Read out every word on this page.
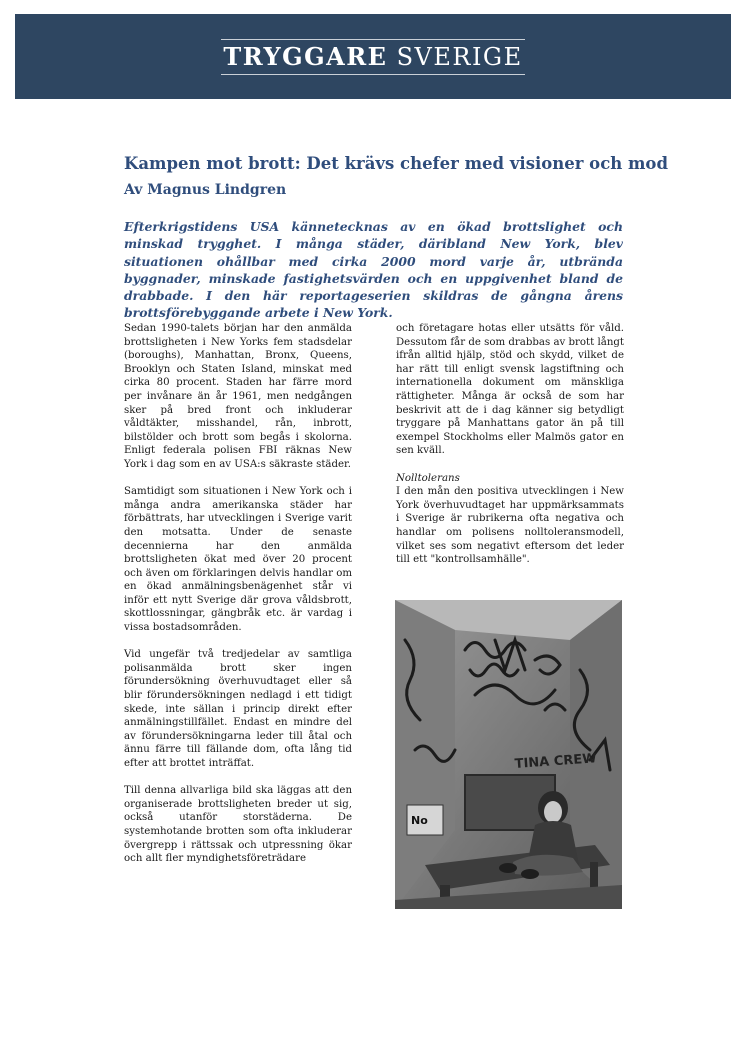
TRYGGARE SVERIGE
Kampen mot brott: Det krävs chefer med visioner och mod
Av Magnus Lindgren

Efterkrigstidens USA kännetecknas av en ökad brottslighet och minskad trygghet. I många städer, däribland New York, blev situationen ohållbar med cirka 2000 mord varje år, utbrända byggnader, minskade fastighetsvärden och en uppgivenhet bland de drabbade. I den här reportageserien skildras de gångna årens brottsförebyggande arbete i New York.

Sedan 1990-talets början har den anmälda brottsligheten i New Yorks fem stadsdelar (boroughs), Manhattan, Bronx, Queens, Brooklyn och Staten Island, minskat med cirka 80 procent. Staden har färre mord per invånare än år 1961, men nedgången sker på bred front och inkluderar våldtäkter, misshandel, rån, inbrott, bilstölder och brott som begås i skolorna. Enligt federala polisen FBI räknas New York i dag som en av USA:s säkraste städer.

Samtidigt som situationen i New York och i många andra amerikanska städer har förbättrats, har utvecklingen i Sverige varit den motsatta. Under de senaste decennierna har den anmälda brottsligheten ökat med över 20 procent och även om förklaringen delvis handlar om en ökad anmälningsbenägenhet står vi inför ett nytt Sverige där grova våldsbrott, skottlossningar, gängbråk etc. är vardag i vissa bostadsområden.

Vid ungefär två tredjedelar av samtliga polisanmälda brott sker ingen förundersökning överhuvudtaget eller så blir förundersökningen nedlagd i ett tidigt skede, inte sällan i princip direkt efter anmälningstillfället. Endast en mindre del av förundersökningarna leder till åtal och ännu färre till fällande dom, ofta lång tid efter att brottet inträffat.

Till denna allvarliga bild ska läggas att den organiserade brottsligheten breder ut sig, också utanför storstäderna. De systemhotande brotten som ofta inkluderar övergrepp i rättssak och utpressning ökar och allt fler myndighetsföreträdare

och företagare hotas eller utsätts för våld. Dessutom får de som drabbas av brott långt ifrån alltid hjälp, stöd och skydd, vilket de har rätt till enligt svensk lagstiftning och internationella dokument om mänskliga rättigheter. Många är också de som har beskrivit att de i dag känner sig betydligt tryggare på Manhattans gator än på till exempel Stockholms eller Malmös gator en sen kväll.

Nolltolerans

I den mån den positiva utvecklingen i New York överhuvudtaget har uppmärksammats i Sverige är rubrikerna ofta negativa och handlar om polisens nolltoleransmodell, vilket ses som negativt eftersom det leder till ett "kontrollsamhälle".

TINA CREW
No
